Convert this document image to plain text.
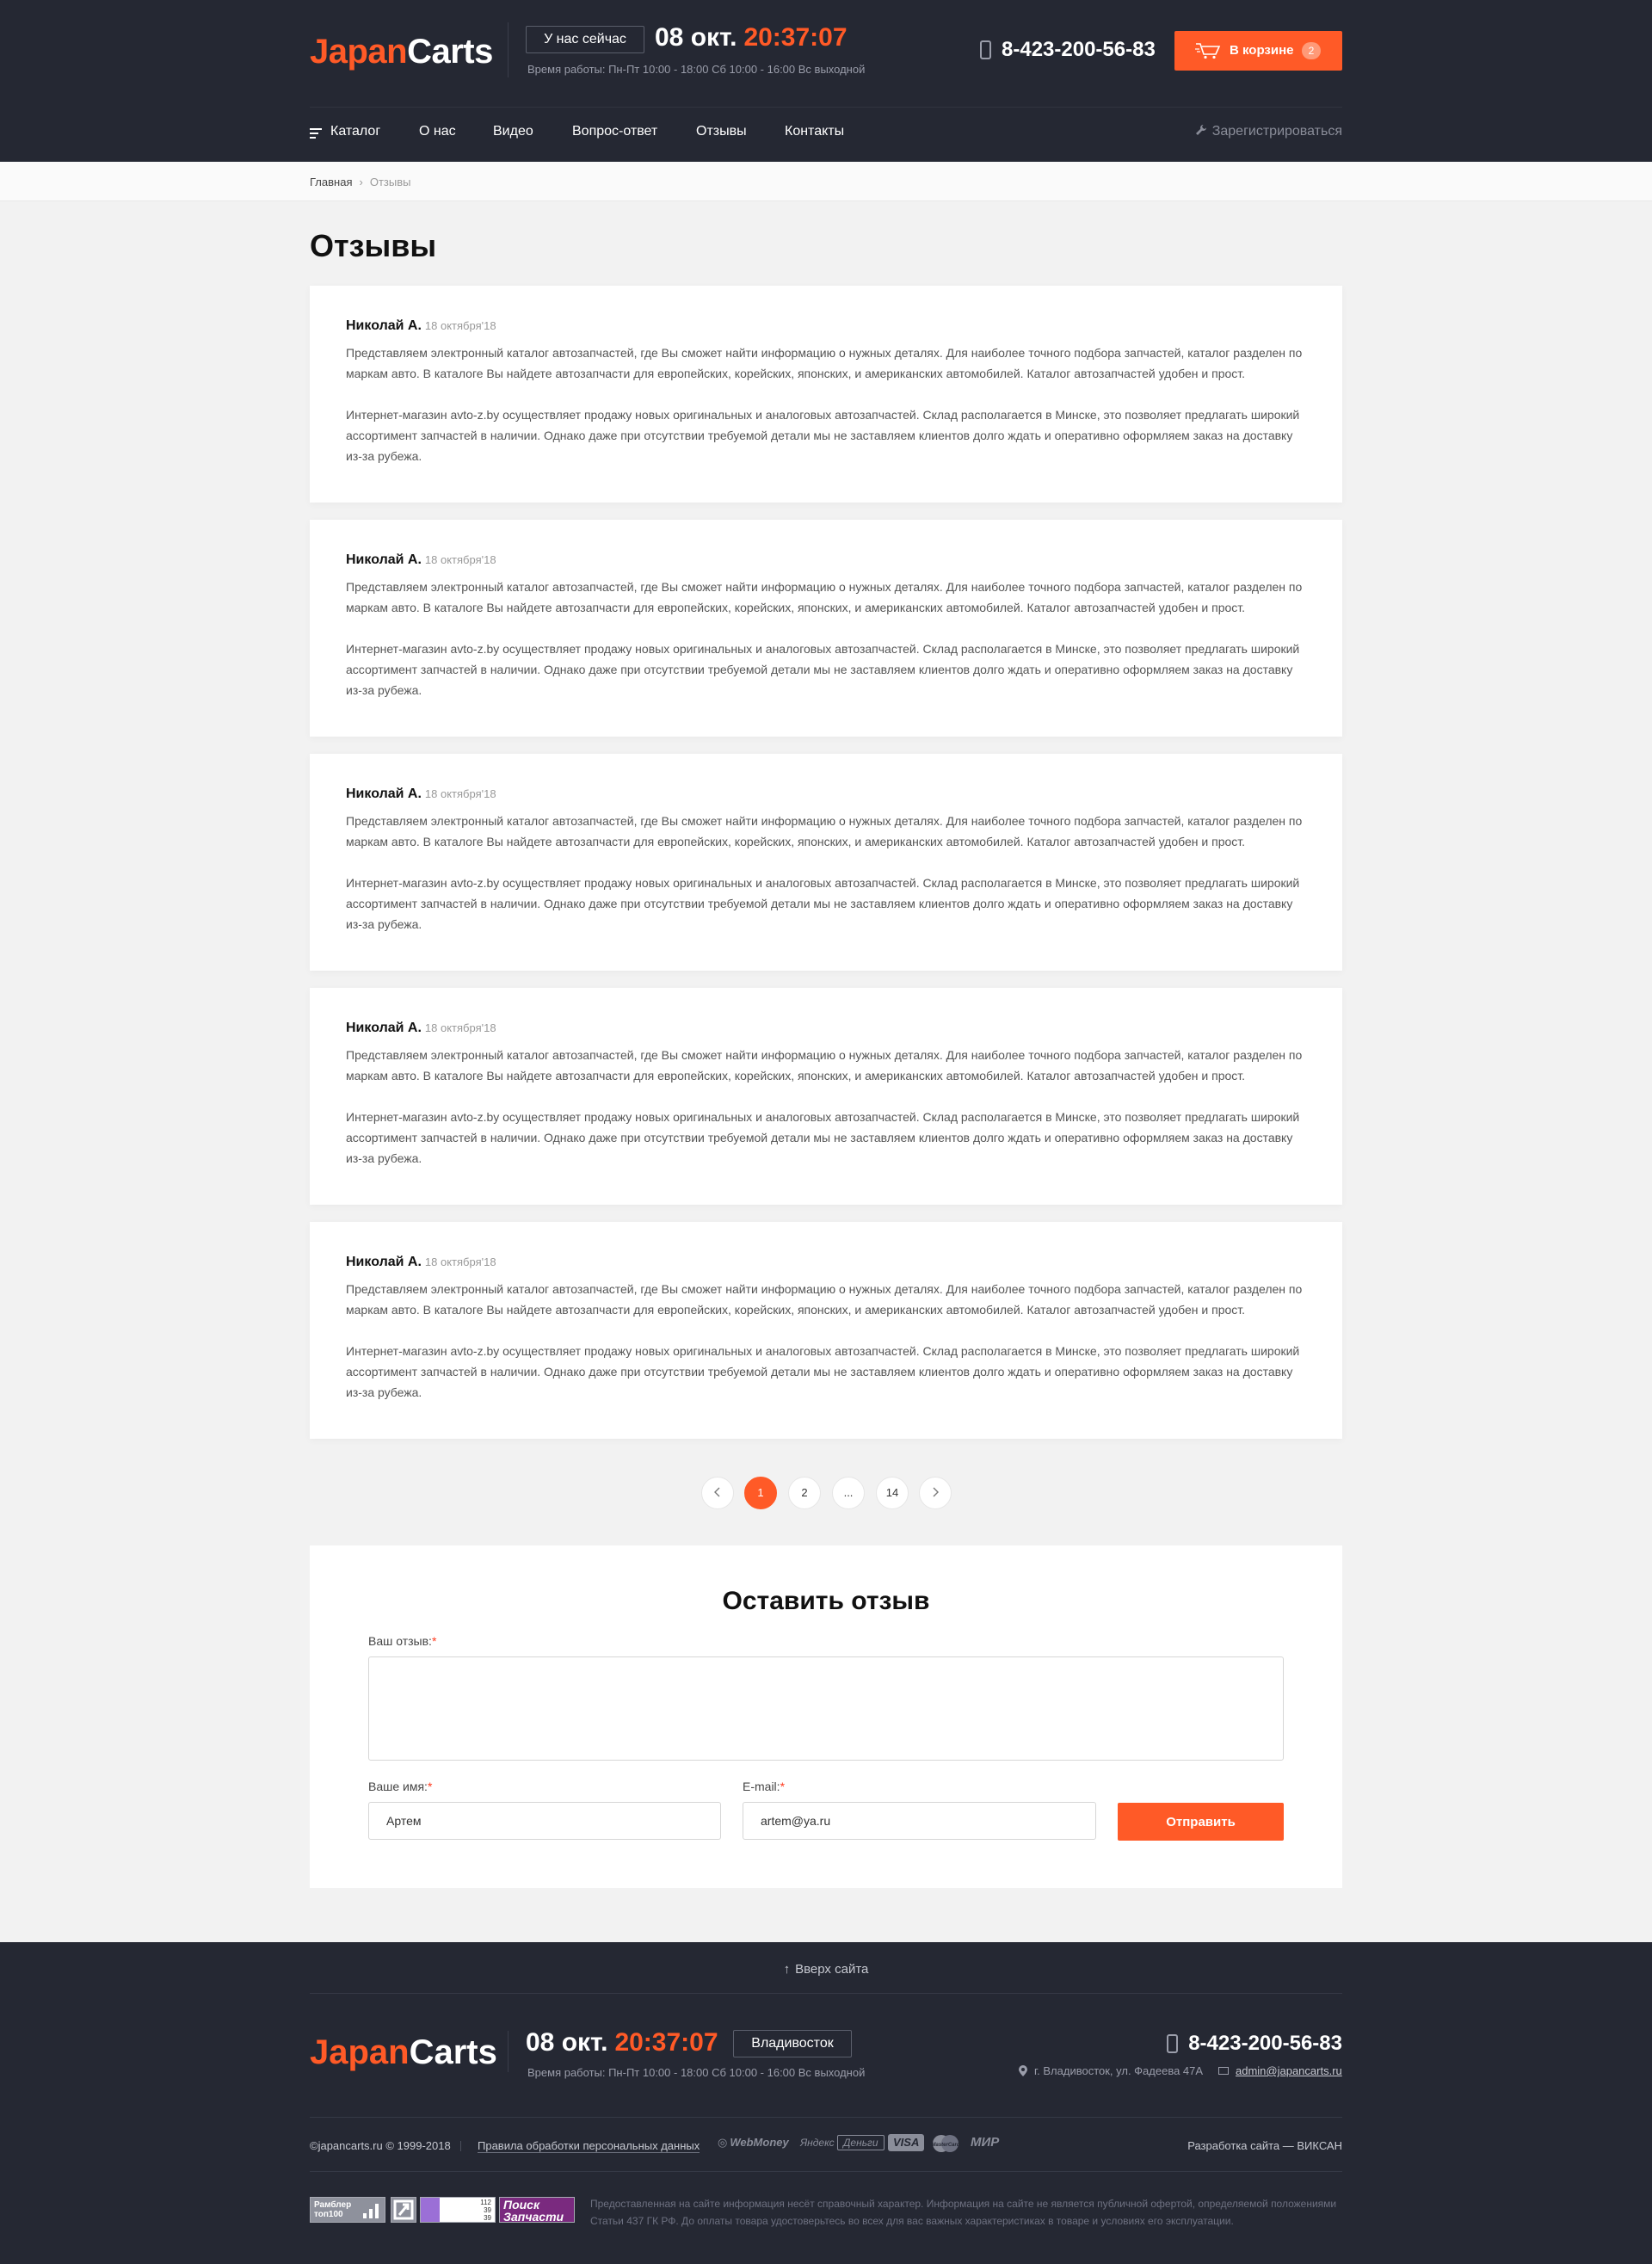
JapanCarts	У нас сейчас	08 окт. 20:37:07
Время работы: Пн-Пт 10:00 - 18:00 Сб 10:00 - 16:00 Вс выходной
8-423-200-56-83	В корзине	2
Каталог	О нас	Видео	Вопрос-ответ	Отзывы	Контакты	Зарегистрироваться
Главная › Отзывы
Отзывы
Николай А. 18 октября'18
Представляем электронный каталог автозапчастей, где Вы сможет найти информацию о нужных деталях. Для наиболее точного подбора запчастей, каталог разделен по маркам авто. В каталоге Вы найдете автозапчасти для европейских, корейских, японских, и американских автомобилей. Каталог автозапчастей удобен и прост.
Интернет-магазин avto-z.by осуществляет продажу новых оригинальных и аналоговых автозапчастей. Склад располагается в Минске, это позволяет предлагать широкий ассортимент запчастей в наличии. Однако даже при отсутствии требуемой детали мы не заставляем клиентов долго ждать и оперативно оформляем заказ на доставку из-за рубежа.
Николай А. 18 октября'18
Представляем электронный каталог автозапчастей, где Вы сможет найти информацию о нужных деталях. Для наиболее точного подбора запчастей, каталог разделен по маркам авто. В каталоге Вы найдете автозапчасти для европейских, корейских, японских, и американских автомобилей. Каталог автозапчастей удобен и прост.
Интернет-магазин avto-z.by осуществляет продажу новых оригинальных и аналоговых автозапчастей. Склад располагается в Минске, это позволяет предлагать широкий ассортимент запчастей в наличии. Однако даже при отсутствии требуемой детали мы не заставляем клиентов долго ждать и оперативно оформляем заказ на доставку из-за рубежа.
Николай А. 18 октября'18
Представляем электронный каталог автозапчастей, где Вы сможет найти информацию о нужных деталях. Для наиболее точного подбора запчастей, каталог разделен по маркам авто. В каталоге Вы найдете автозапчасти для европейских, корейских, японских, и американских автомобилей. Каталог автозапчастей удобен и прост.
Интернет-магазин avto-z.by осуществляет продажу новых оригинальных и аналоговых автозапчастей. Склад располагается в Минске, это позволяет предлагать широкий ассортимент запчастей в наличии. Однако даже при отсутствии требуемой детали мы не заставляем клиентов долго ждать и оперативно оформляем заказ на доставку из-за рубежа.
Николай А. 18 октября'18
Представляем электронный каталог автозапчастей, где Вы сможет найти информацию о нужных деталях. Для наиболее точного подбора запчастей, каталог разделен по маркам авто. В каталоге Вы найдете автозапчасти для европейских, корейских, японских, и американских автомобилей. Каталог автозапчастей удобен и прост.
Интернет-магазин avto-z.by осуществляет продажу новых оригинальных и аналоговых автозапчастей. Склад располагается в Минске, это позволяет предлагать широкий ассортимент запчастей в наличии. Однако даже при отсутствии требуемой детали мы не заставляем клиентов долго ждать и оперативно оформляем заказ на доставку из-за рубежа.
Николай А. 18 октября'18
Представляем электронный каталог автозапчастей, где Вы сможет найти информацию о нужных деталях. Для наиболее точного подбора запчастей, каталог разделен по маркам авто. В каталоге Вы найдете автозапчасти для европейских, корейских, японских, и американских автомобилей. Каталог автозапчастей удобен и прост.
Интернет-магазин avto-z.by осуществляет продажу новых оригинальных и аналоговых автозапчастей. Склад располагается в Минске, это позволяет предлагать широкий ассортимент запчастей в наличии. Однако даже при отсутствии требуемой детали мы не заставляем клиентов долго ждать и оперативно оформляем заказ на доставку из-за рубежа.
1	2	...	14
Оставить отзыв
Ваш отзыв:*
Ваше имя:*
Артем	E-mail:*
artem@ya.ru
Отправить
↑ Вверх сайта
JapanCarts 08 окт. 20:37:07	Владивосток
Время работы: Пн-Пт 10:00 - 18:00 Сб 10:00 - 16:00 Вс выходной
8-423-200-56-83
г. Владивосток, ул. Фадеева 47А	admin@japancarts.ru
©japancarts.ru © 1999-2018 Правила обработки персональных данных ◎ WebMoney Яндекс Деньги	VISA	MasterCard МИР	Разработка сайта — ВИКСАН
Рамблер
топ100
112
39
39
Поиск
Запчасти
Предоставленная на сайте информация несёт справочный характер. Информация на сайте не является публичной офертой, определяемой положениями Статьи 437 ГК РФ. До оплаты товара удостоверьтесь во всех для вас важных характеристиках в товаре и условиях его эксплуатации.
